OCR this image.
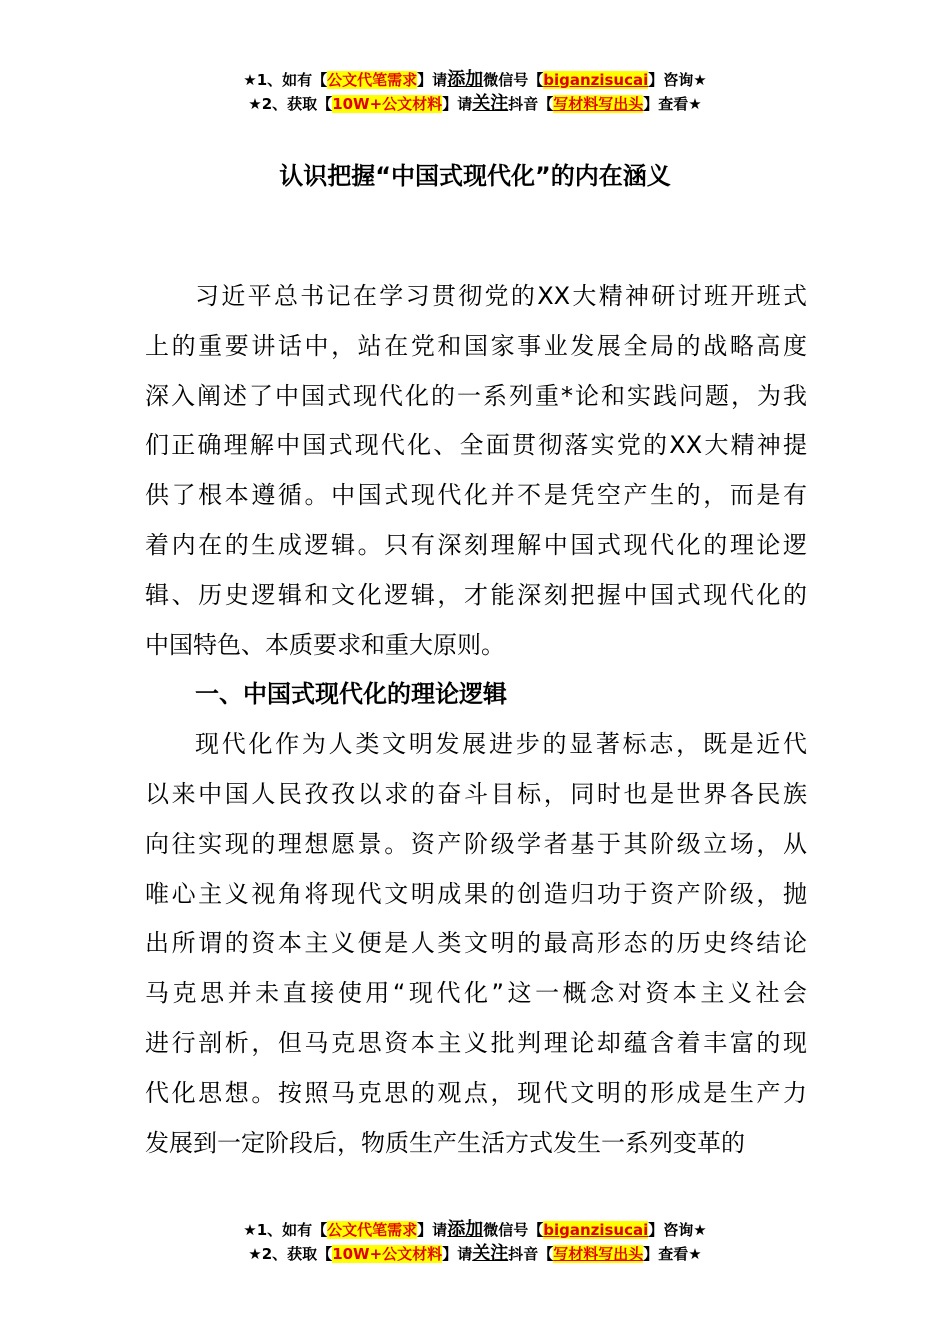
★1、如有【公文代笔需求】请添加微信号【biganzisucai】咨询★
★2、获取【10W+公文材料】请关注抖音【写材料写出头】查看★
认识把握“中国式现代化”的内在涵义
习近平总书记在学习贯彻党的XX大精神研讨班开班式
上的重要讲话中，站在党和国家事业发展全局的战略高度
深入阐述了中国式现代化的一系列重*论和实践问题，为我
们正确理解中国式现代化、全面贯彻落实党的XX大精神提
供了根本遵循。中国式现代化并不是凭空产生的，而是有
着内在的生成逻辑。只有深刻理解中国式现代化的理论逻
辑、历史逻辑和文化逻辑，才能深刻把握中国式现代化的
中国特色、本质要求和重大原则。
一、中国式现代化的理论逻辑
现代化作为人类文明发展进步的显著标志，既是近代
以来中国人民孜孜以求的奋斗目标，同时也是世界各民族
向往实现的理想愿景。资产阶级学者基于其阶级立场，从
唯心主义视角将现代文明成果的创造归功于资产阶级，抛
出所谓的资本主义便是人类文明的最高形态的历史终结论
马克思并未直接使用“现代化”这一概念对资本主义社会
进行剖析，但马克思资本主义批判理论却蕴含着丰富的现
代化思想。按照马克思的观点，现代文明的形成是生产力
发展到一定阶段后，物质生产生活方式发生一系列变革的
★1、如有【公文代笔需求】请添加微信号【biganzisucai】咨询★
★2、获取【10W+公文材料】请关注抖音【写材料写出头】查看★
